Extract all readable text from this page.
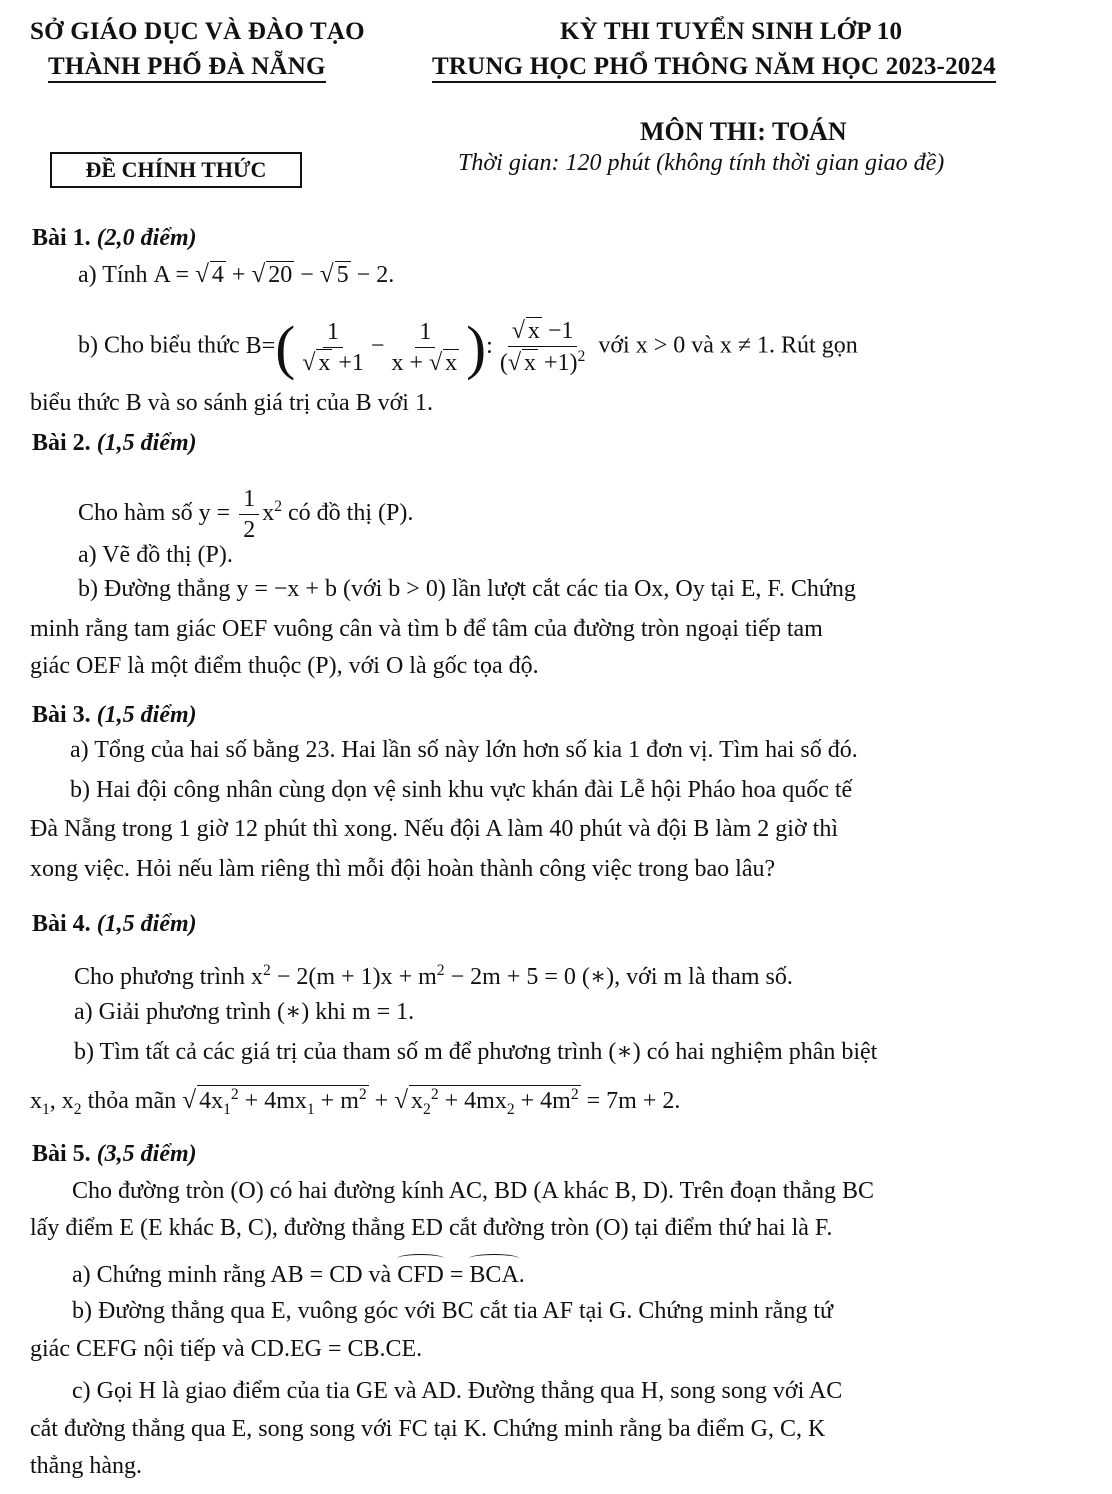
SỞ GIÁO DỤC VÀ ĐÀO TẠO
THÀNH PHỐ ĐÀ NẴNG
KỲ THI TUYỂN SINH LỚP 10
TRUNG HỌC PHỔ THÔNG NĂM HỌC 2023-2024
MÔN THI: TOÁN
ĐỀ CHÍNH THỨC	Thời gian: 120 phút (không tính thời gian giao đề)
Bài 1. (2,0 điểm)
a) Tính A = √ 4 + √ 20 − √ 5 − 2.
b) Cho biểu thức $B=( \frac{1}{√ x +1} - \frac{1}{x + √ x}$ ): $\frac{√ x -1}{(√ x +1)^2}$ với x > 0 và x ≠ 1. Rút gọn
biểu thức B và so sánh giá trị của B với 1.
Bài 2. (1,5 điểm)
Cho hàm số $y = \frac{1}{2} x^2$ có đồ thị (P).
a) Vẽ đồ thị (P).
b) Đường thẳng y = −x + b (với b > 0) lần lượt cắt các tia Ox, Oy tại E, F. Chứng
minh rằng tam giác OEF vuông cân và tìm b để tâm của đường tròn ngoại tiếp tam
giác OEF là một điểm thuộc (P), với O là gốc tọa độ.
Bài 3. (1,5 điểm)
a) Tổng của hai số bằng 23. Hai lần số này lớn hơn số kia 1 đơn vị. Tìm hai số đó.
b) Hai đội công nhân cùng dọn vệ sinh khu vực khán đài Lễ hội Pháo hoa quốc tế
Đà Nẵng trong 1 giờ 12 phút thì xong. Nếu đội A làm 40 phút và đội B làm 2 giờ thì
xong việc. Hỏi nếu làm riêng thì mỗi đội hoàn thành công việc trong bao lâu?
Bài 4. (1,5 điểm)
Cho phương trình $x^2 - 2(m + 1)x + m^2 - 2m + 5 = 0$ (∗), với m là tham số.
a) Giải phương trình (∗) khi m = 1.
b) Tìm tất cả các giá trị của tham số m để phương trình (∗) có hai nghiệm phân biệt
$x_1$, $x_2$ thỏa mãn √ $4x_1^2 + 4mx_1 + m^2$ + √ $x_2^2 + 4mx_2 + 4m^2 = 7m + 2$.
Bài 5. (3,5 điểm)
Cho đường tròn (O) có hai đường kính AC, BD (A khác B, D). Trên đoạn thẳng BC
lấy điểm E (E khác B, C), đường thẳng ED cắt đường tròn (O) tại điểm thứ hai là F.
a) Chứng minh rằng AB = CD và CFD = BCA.
b) Đường thẳng qua E, vuông góc với BC cắt tia AF tại G. Chứng minh rằng tứ
giác CEFG nội tiếp và CD.EG = CB.CE.
c) Gọi H là giao điểm của tia GE và AD. Đường thẳng qua H, song song với AC
cắt đường thẳng qua E, song song với FC tại K. Chứng minh rằng ba điểm G, C, K
thẳng hàng.
